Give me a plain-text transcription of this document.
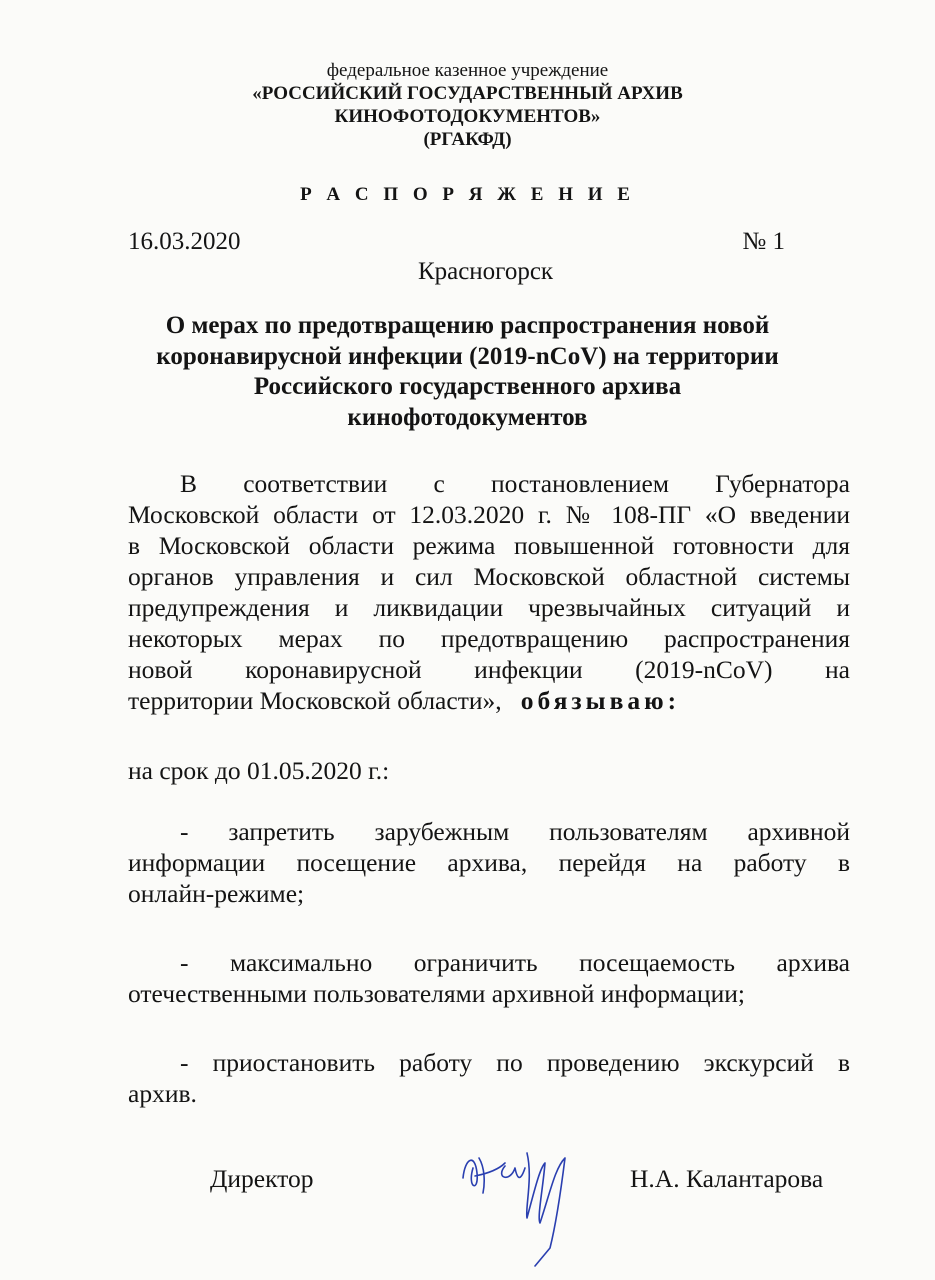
федеральное казенное учреждение
«РОССИЙСКИЙ ГОСУДАРСТВЕННЫЙ АРХИВ
КИНОФОТОДОКУМЕНТОВ»
(РГАКФД)
Р А С П О Р Я Ж Е Н И Е
16.03.2020	№ 1
Красногорск
О мерах по предотвращению распространения новой
коронавирусной инфекции (2019-nCoV) на территории
Российского государственного архива
кинофотодокументов
В соответствии с постановлением Губернатора
Московской области от 12.03.2020 г. № 108-ПГ «О введении
в Московской области режима повышенной готовности для
органов управления и сил Московской областной системы
предупреждения и ликвидации чрезвычайных ситуаций и
некоторых мерах по предотвращению распространения
новой коронавирусной инфекции (2019-nCoV) на
территории Московской области», обязываю:
на срок до 01.05.2020 г.:
- запретить зарубежным пользователям архивной
информации посещение архива, перейдя на работу в
онлайн-режиме;
- максимально ограничить посещаемость архива
отечественными пользователями архивной информации;
- приостановить работу по проведению экскурсий в
архив.
Директор	Н.А. Калантарова
